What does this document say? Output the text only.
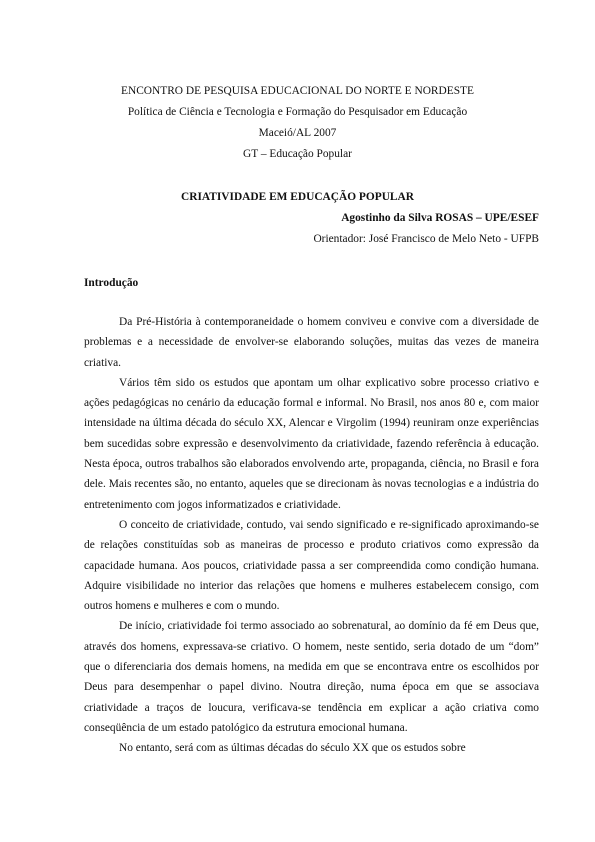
ENCONTRO DE PESQUISA EDUCACIONAL DO NORTE E NORDESTE
Política de Ciência e Tecnologia e Formação do Pesquisador em Educação
Maceió/AL 2007
GT – Educação Popular
CRIATIVIDADE EM EDUCAÇÃO POPULAR
Agostinho da Silva ROSAS – UPE/ESEF
Orientador: José Francisco de Melo Neto - UFPB
Introdução

Da Pré-História à contemporaneidade o homem conviveu e convive com a diversidade de problemas e a necessidade de envolver-se elaborando soluções, muitas das vezes de maneira criativa.

Vários têm sido os estudos que apontam um olhar explicativo sobre processo criativo e ações pedagógicas no cenário da educação formal e informal. No Brasil, nos anos 80 e, com maior intensidade na última década do século XX, Alencar e Virgolim (1994) reuniram onze experiências bem sucedidas sobre expressão e desenvolvimento da criatividade, fazendo referência à educação. Nesta época, outros trabalhos são elaborados envolvendo arte, propaganda, ciência, no Brasil e fora dele. Mais recentes são, no entanto, aqueles que se direcionam às novas tecnologias e a indústria do entretenimento com jogos informatizados e criatividade.

O conceito de criatividade, contudo, vai sendo significado e re-significado aproximando-se de relações constituídas sob as maneiras de processo e produto criativos como expressão da capacidade humana. Aos poucos, criatividade passa a ser compreendida como condição humana. Adquire visibilidade no interior das relações que homens e mulheres estabelecem consigo, com outros homens e mulheres e com o mundo.

De início, criatividade foi termo associado ao sobrenatural, ao domínio da fé em Deus que, através dos homens, expressava-se criativo. O homem, neste sentido, seria dotado de um “dom” que o diferenciaria dos demais homens, na medida em que se encontrava entre os escolhidos por Deus para desempenhar o papel divino. Noutra direção, numa época em que se associava criatividade a traços de loucura, verificava-se tendência em explicar a ação criativa como conseqüência de um estado patológico da estrutura emocional humana.

No entanto, será com as últimas décadas do século XX que os estudos sobre
